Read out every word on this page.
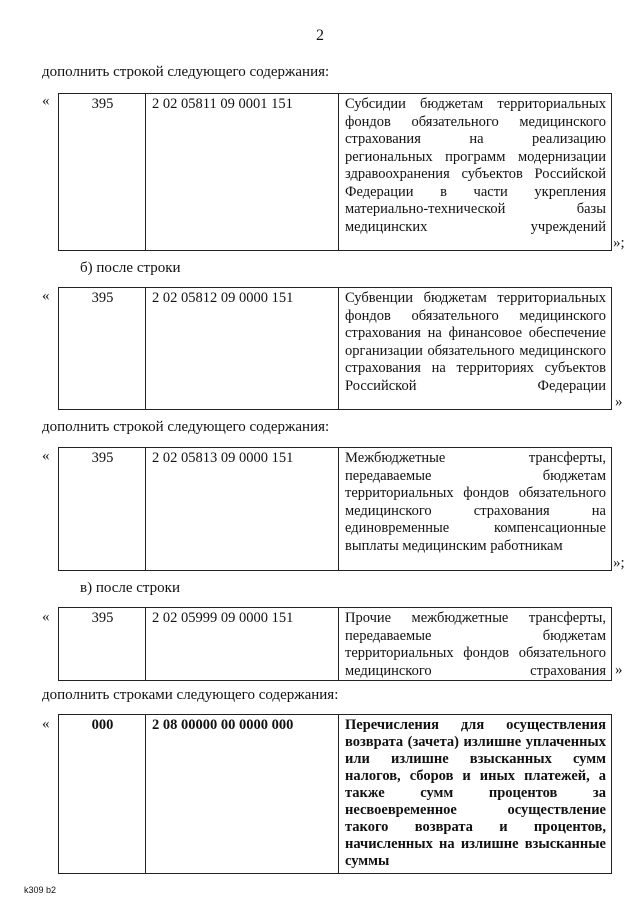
2
дополнить строкой следующего содержания:
«	395	2 02 05811 09 0001 151	Субсидии бюджетам территориальных фондов обязательного медицинского страхования на реализацию региональных программ модернизации здравоохранения субъектов Российской Федерации в части укрепления материально-технической базы медицинских учреждений
»;
б) после строки
«	395	2 02 05812 09 0000 151	Субвенции бюджетам территориальных фондов обязательного медицинского страхования на финансовое обеспечение организации обязательного медицинского страхования на территориях субъектов Российской Федерации
»
дополнить строкой следующего содержания:
«	395	2 02 05813 09 0000 151	Межбюджетные трансферты, передаваемые бюджетам территориальных фондов обязательного медицинского страхования на единовременные компенсационные выплаты медицинским работникам
»;
в) после строки
«	395	2 02 05999 09 0000 151	Прочие межбюджетные трансферты, передаваемые бюджетам территориальных фондов обязательного медицинского страхования »
дополнить строками следующего содержания:
«	000	2 08 00000 00 0000 000	Перечисления для осуществления возврата (зачета) излишне уплаченных или излишне взысканных сумм налогов, сборов и иных платежей, а также сумм процентов за несвоевременное осуществление такого возврата и процентов, начисленных на излишне взысканные суммы
k309 b2
